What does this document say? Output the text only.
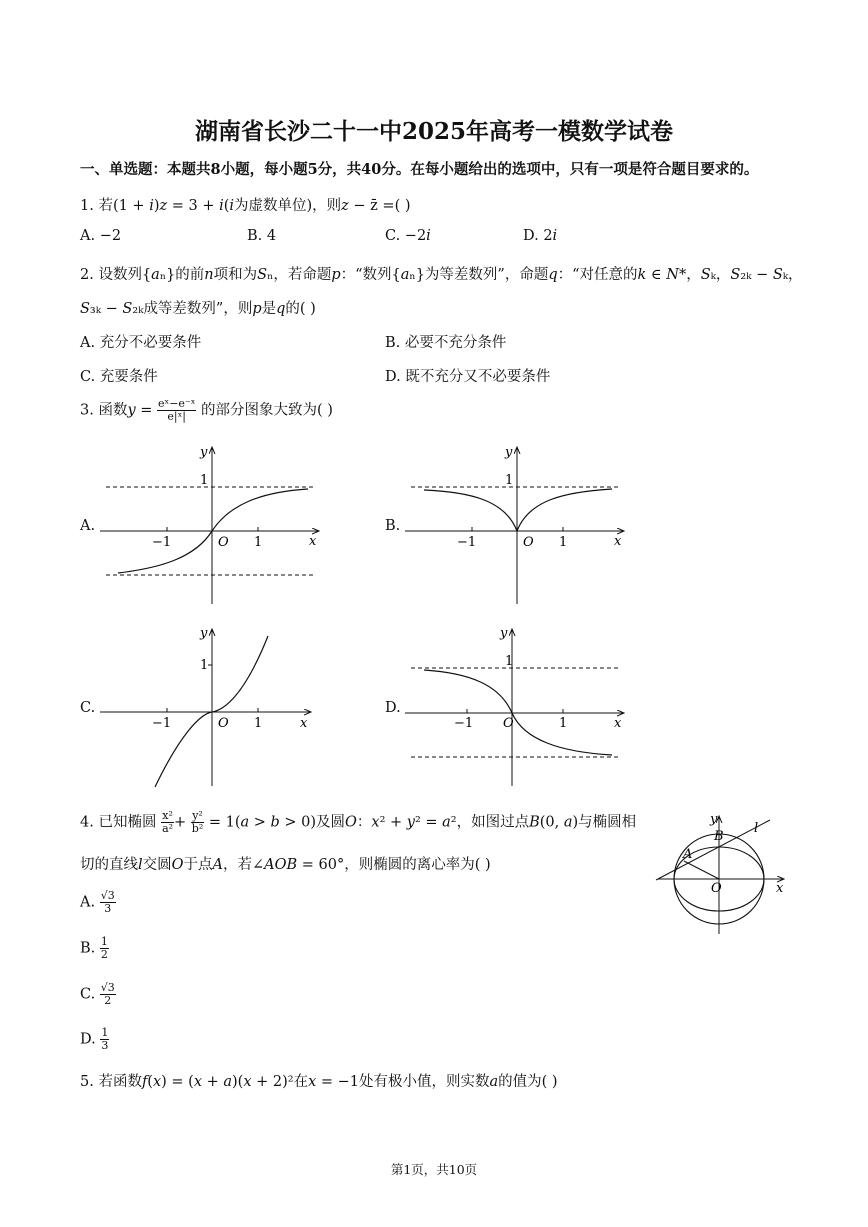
湖南省长沙二十一中2025年高考一模数学试卷
一、单选题：本题共8小题，每小题5分，共40分。在每小题给出的选项中，只有一项是符合题目要求的。
1. 若(1 + 𝑖)𝑧 = 3 + 𝑖(𝑖为虚数单位)，则𝑧 − z̄ =( )
A. −2	B. 4	C. −2𝑖	D. 2𝑖
2. 设数列{𝑎ₙ}的前𝑛项和为𝑆ₙ，若命题𝑝：“数列{𝑎ₙ}为等差数列”，命题𝑞：“对任意的𝑘 ∈ 𝑁*，𝑆ₖ，𝑆₂ₖ − 𝑆ₖ，
𝑆₃ₖ − 𝑆₂ₖ成等差数列”，则𝑝是𝑞的( )
A. 充分不必要条件	B. 必要不充分条件
C. 充要条件	D. 既不充分又不必要条件
3. 函数𝑦 = $\frac{\text{eˣ−e⁻ˣ}}{\text{e|ˣ|}}$ 的部分图象大致为( )
A.	B.
C.	D.
y
1
x
O
−1	1
y
1
x
O
−1	1
y
1
x
O
−1	1
y
1
x
O
−1	1
y
l
B
A
O	x
4. 已知椭圆 $\frac{\text{x²}}{\text{a²}} + \frac{\text{y²}}{\text{b²}}$ = 1(𝑎 > 𝑏 > 0)及圆𝑂：𝑥² + 𝑦² = 𝑎²，如图过点𝐵(0, 𝑎)与椭圆相
切的直线𝑙交圆𝑂于点𝐴，若∠𝐴𝑂𝐵 = 60°，则椭圆的离心率为( )
A. $\frac{√3}{3}$
B. $\frac{1}{2}$
C. $\frac{√3}{2}$
D. $\frac{1}{3}$
5. 若函数𝑓(𝑥) = (𝑥 + 𝑎)(𝑥 + 2)²在𝑥 = −1处有极小值，则实数𝑎的值为( )
第1页，共10页
